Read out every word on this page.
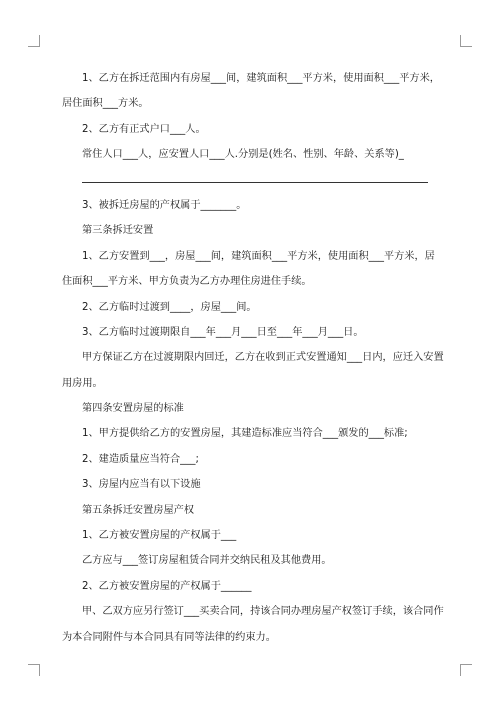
1、乙方在拆迁范围内有房屋___间，建筑面积___平方米，使用面积___平方米，
居住面积___方米。
2、乙方有正式户口___人。
常住人口___人，应安置人口___人.分别是(姓名、性别、年龄、关系等)_
3、被拆迁房屋的产权属于_______。
第三条拆迁安置
1、乙方安置到___，房屋___间，建筑面积___平方米，使用面积___平方米，居
住面积___平方米、甲方负责为乙方办理住房进住手续。
2、乙方临时过渡到____，房屋___间。
3、乙方临时过渡期限自___年___月___日至___年___月___日。
甲方保证乙方在过渡期限内回迁，乙方在收到正式安置通知___日内，应迁入安置
用房用。
第四条安置房屋的标准
1、甲方提供给乙方的安置房屋，其建造标准应当符合___颁发的___标准;
2、建造质量应当符合___;
3、房屋内应当有以下设施
第五条拆迁安置房屋产权
1、乙方被安置房屋的产权属于___
乙方应与___签订房屋租赁合同并交纳民租及其他费用。
2、乙方被安置房屋的产权属于______
甲、乙双方应另行签订___买卖合同，持该合同办理房屋产权签订手续，该合同作
为本合同附件与本合同具有同等法律的约束力。
